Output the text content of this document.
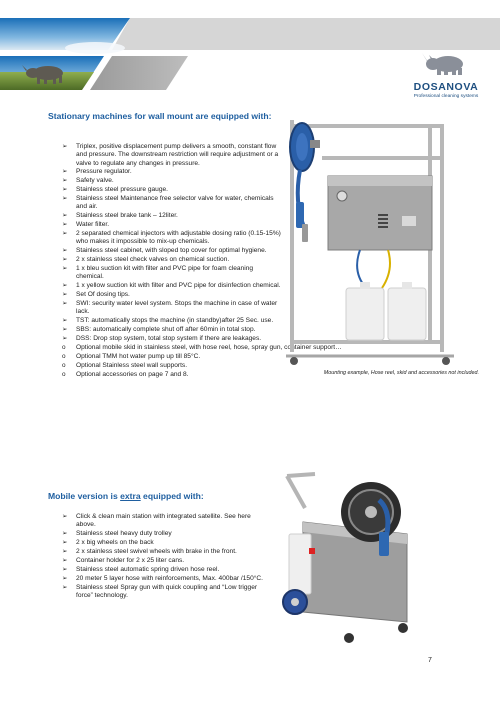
DOSANOVA
Professional cleaning systems
Stationary machines for wall mount are equipped with:
➢	Triplex, positive displacement pump delivers a smooth, constant flow and pressure. The downstream restriction will require adjustment or a valve to regulate any changes in pressure.
➢	Pressure regulator.
➢	Safety valve.
➢	Stainless steel pressure gauge.
➢	Stainless steel Maintenance free selector valve for water, chemicals and air.
➢	Stainless steel brake tank – 12liter.
➢	Water filter.
➢	2 separated chemical injectors with adjustable dosing ratio (0.15-15%) who makes it impossible to mix-up chemicals.
➢	Stainless steel cabinet, with sloped top cover for optimal hygiene.
➢	2 x stainless steel check valves on chemical suction.
➢	1 x bleu suction kit with filter and PVC pipe for foam cleaning chemical.
➢	1 x yellow suction kit with filter and PVC pipe for disinfection chemical.
➢	Set Of dosing tips.
➢	SWI: security water level system. Stops the machine in case of water lack.
➢	TST: automatically stops the machine (in standby)after 25 Sec. use.
➢	SBS: automatically complete shut off after 60min in total stop.
➢	DSS: Drop stop system, total stop system if there are leakages.
o	Optional mobile skid in stainless steel, with hose reel, hose, spray gun, container support…
o	Optional TMM hot water pump up till 85°C.
o	Optional Stainless steel wall supports.
o	Optional accessories on page 7 and 8.	Mounting example, Hose reel, skid and accessories not included.
Mobile version is extra equipped with:
➢	Click & clean main station with integrated satellite. See here above.
➢	Stainless steel heavy duty trolley
➢	2 x big wheels on the back
➢	2 x stainless steel swivel wheels with brake in the front.
➢	Container holder for 2 x 25 liter cans.
➢	Stainless steel automatic spring driven hose reel.
➢	20 meter 5 layer hose with reinforcements, Max. 400bar /150°C.
➢	Stainless steel Spray gun with quick coupling and “Low trigger force” technology.
7
